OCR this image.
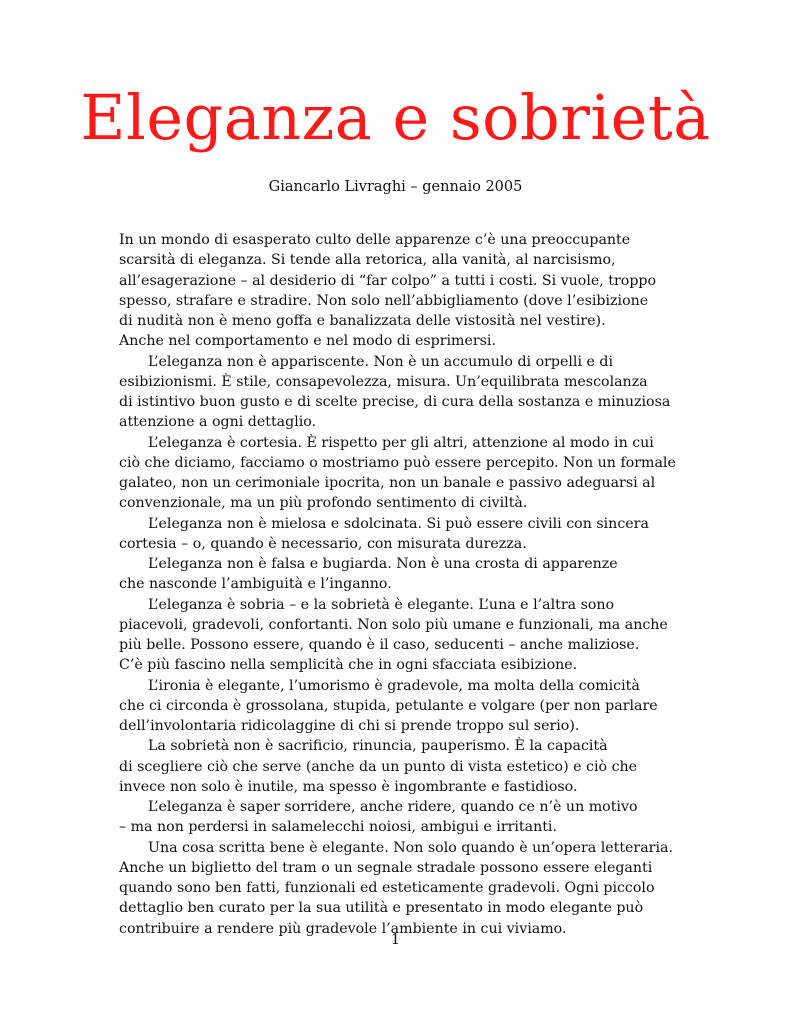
Eleganza e sobrietà

Giancarlo Livraghi – gennaio 2005

In un mondo di esasperato culto delle apparenze c’è una preoccupante
scarsità di eleganza. Si tende alla retorica, alla vanità, al narcisismo,
all’esagerazione – al desiderio di “far colpo” a tutti i costi. Si vuole, troppo
spesso, strafare e stradire. Non solo nell’abbigliamento (dove l’esibizione
di nudità non è meno goffa e banalizzata delle vistosità nel vestire).
Anche nel comportamento e nel modo di esprimersi.
L’eleganza non è appariscente. Non è un accumulo di orpelli e di
esibizionismi. È stile, consapevolezza, misura. Un’equilibrata mescolanza
di istintivo buon gusto e di scelte precise, di cura della sostanza e minuziosa
attenzione a ogni dettaglio.
L’eleganza è cortesia. È rispetto per gli altri, attenzione al modo in cui
ciò che diciamo, facciamo o mostriamo può essere percepito. Non un formale
galateo, non un cerimoniale ipocrita, non un banale e passivo adeguarsi al
convenzionale, ma un più profondo sentimento di civiltà.
L’eleganza non è mielosa e sdolcinata. Si può essere civili con sincera
cortesia – o, quando è necessario, con misurata durezza.
L’eleganza non è falsa e bugiarda. Non è una crosta di apparenze
che nasconde l’ambiguità e l’inganno.
L’eleganza è sobria – e la sobrietà è elegante. L’una e l’altra sono
piacevoli, gradevoli, confortanti. Non solo più umane e funzionali, ma anche
più belle. Possono essere, quando è il caso, seducenti – anche maliziose.
C’è più fascino nella semplicità che in ogni sfacciata esibizione.
L’ironia è elegante, l’umorismo è gradevole, ma molta della comicità
che ci circonda è grossolana, stupida, petulante e volgare (per non parlare
dell’involontaria ridicolaggine di chi si prende troppo sul serio).
La sobrietà non è sacrificio, rinuncia, pauperismo. È la capacità
di scegliere ciò che serve (anche da un punto di vista estetico) e ciò che
invece non solo è inutile, ma spesso è ingombrante e fastidioso.
L’eleganza è saper sorridere, anche ridere, quando ce n’è un motivo
– ma non perdersi in salamelecchi noiosi, ambigui e irritanti.
Una cosa scritta bene è elegante. Non solo quando è un’opera letteraria.
Anche un biglietto del tram o un segnale stradale possono essere eleganti
quando sono ben fatti, funzionali ed esteticamente gradevoli. Ogni piccolo
dettaglio ben curato per la sua utilità e presentato in modo elegante può
contribuire a rendere più gradevole l’ambiente in cui viviamo.

1
